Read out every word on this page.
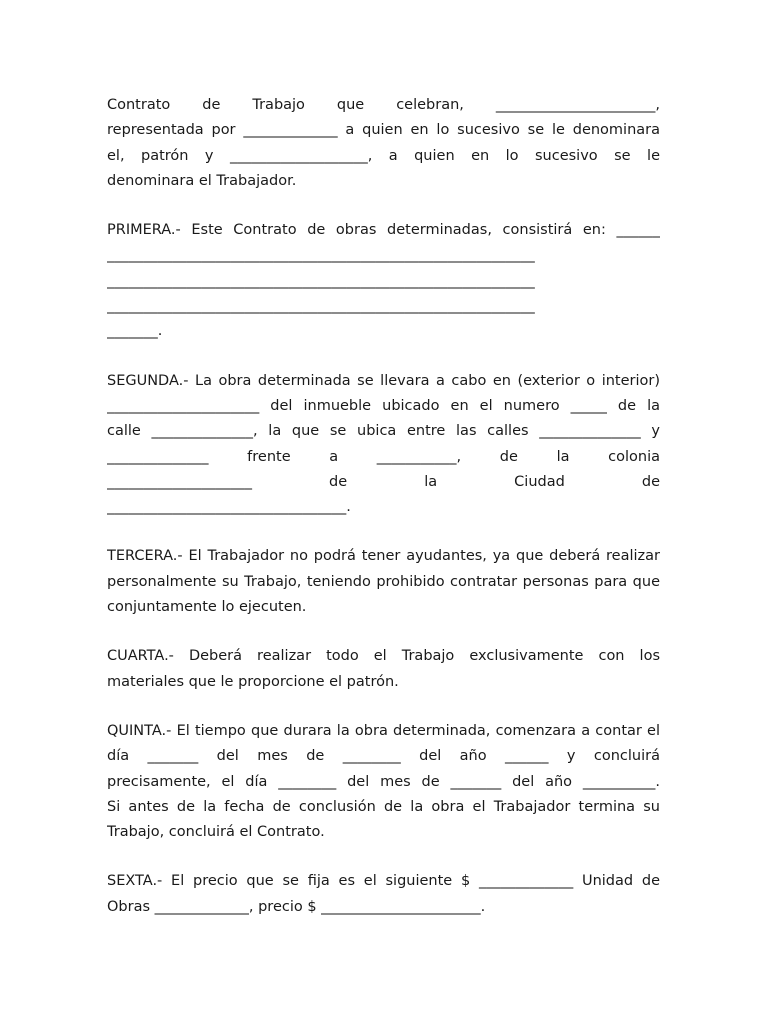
Contrato de Trabajo que celebran, ______________________,
representada por _____________ a quien en lo sucesivo se le denominara
el, patrón y ___________________, a quien en lo sucesivo se le
denominara el Trabajador.
PRIMERA.- Este Contrato de obras determinadas, consistirá en: ______
___________________________________________________________
___________________________________________________________
___________________________________________________________
_______.
SEGUNDA.- La obra determinada se llevara a cabo en (exterior o interior)
_____________________ del inmueble ubicado en el numero _____ de la
calle ______________, la que se ubica entre las calles ______________ y
______________ frente a ___________, de la colonia
____________________ de la Ciudad de
_________________________________.
TERCERA.- El Trabajador no podrá tener ayudantes, ya que deberá realizar
personalmente su Trabajo, teniendo prohibido contratar personas para que
conjuntamente lo ejecuten.
CUARTA.- Deberá realizar todo el Trabajo exclusivamente con los
materiales que le proporcione el patrón.
QUINTA.- El tiempo que durara la obra determinada, comenzara a contar el
día _______ del mes de ________ del año ______ y concluirá
precisamente, el día ________ del mes de _______ del año __________.
Si antes de la fecha de conclusión de la obra el Trabajador termina su
Trabajo, concluirá el Contrato.
SEXTA.- El precio que se fija es el siguiente $ _____________ Unidad de
Obras _____________, precio $ ______________________.
